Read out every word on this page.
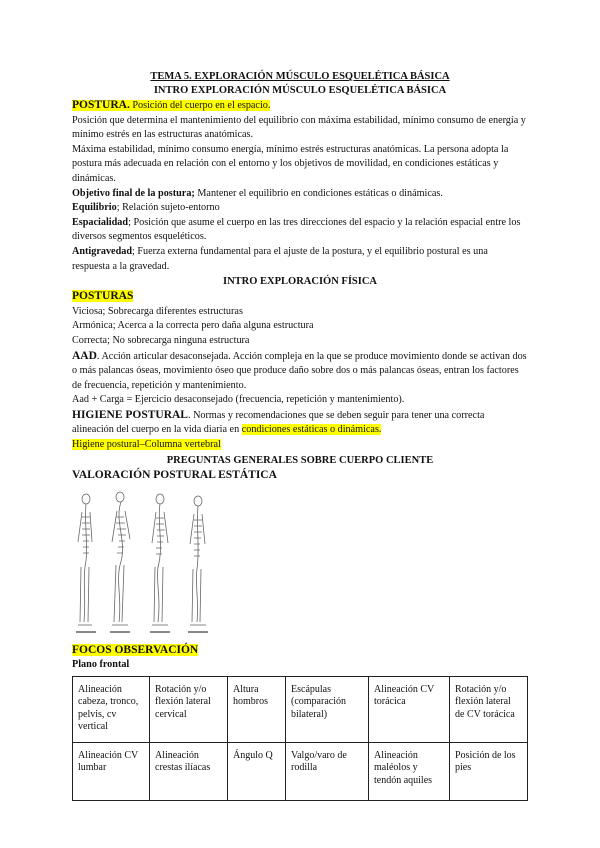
TEMA 5. EXPLORACIÓN MÚSCULO ESQUELÉTICA BÁSICA
INTRO EXPLORACIÓN MÚSCULO ESQUELÉTICA BÁSICA

POSTURA. Posición del cuerpo en el espacio.

Posición que determina el mantenimiento del equilibrio con máxima estabilidad, mínimo consumo de energía y mínimo estrés en las estructuras anatómicas.

Máxima estabilidad, mínimo consumo energía, mínimo estrés estructuras anatómicas. La persona adopta la postura más adecuada en relación con el entorno y los objetivos de movilidad, en condiciones estáticas y dinámicas.

Objetivo final de la postura; Mantener el equilibrio en condiciones estáticas o dinámicas.

Equilibrio; Relación sujeto-entorno

Espacialidad; Posición que asume el cuerpo en las tres direcciones del espacio y la relación espacial entre los diversos segmentos esqueléticos.

Antigravedad; Fuerza externa fundamental para el ajuste de la postura, y el equilibrio postural es una respuesta a la gravedad.

INTRO EXPLORACIÓN FÍSICA

POSTURAS

Viciosa; Sobrecarga diferentes estructuras

Armónica; Acerca a la correcta pero daña alguna estructura

Correcta; No sobrecarga ninguna estructura

AAD. Acción articular desaconsejada. Acción compleja en la que se produce movimiento donde se activan dos o más palancas óseas, movimiento óseo que produce daño sobre dos o más palancas óseas, entran los factores de frecuencia, repetición y mantenimiento.

Aad + Carga = Ejercicio desaconsejado (frecuencia, repetición y mantenimiento).

HIGIENE POSTURAL. Normas y recomendaciones que se deben seguir para tener una correcta alineación del cuerpo en la vida diaria en condiciones estáticas o dinámicas.

Higiene postural–Columna vertebral

PREGUNTAS GENERALES SOBRE CUERPO CLIENTE
VALORACIÓN POSTURAL ESTÁTICA

FOCOS OBSERVACIÓN

Plano frontal
Alineación cabeza, tronco, pelvis, cv vertical	Rotación y/o flexión lateral cervical	Altura hombros	Escápulas (comparación bilateral)	Alineación CV torácica	Rotación y/o flexión lateral de CV torácica
Alineación CV lumbar	Alineación crestas ilíacas	Ángulo Q	Valgo/varo de rodilla	Alineación maléolos y tendón aquiles	Posición de los pies
